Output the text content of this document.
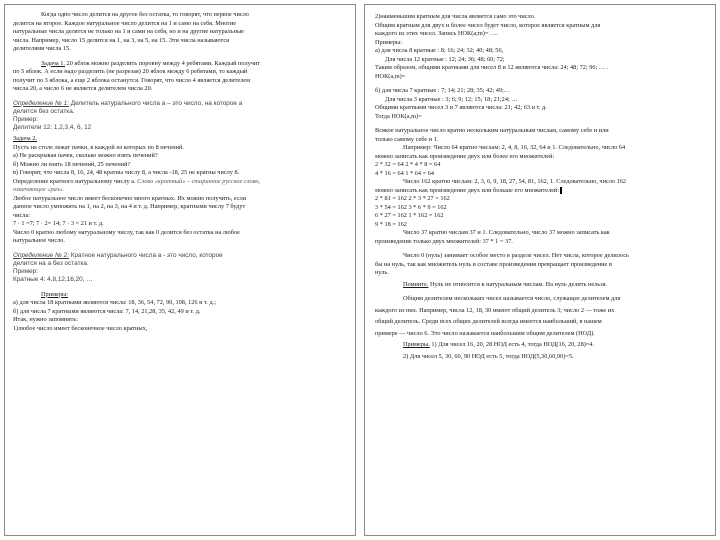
Когда одно число делится на другое без остатка, то говорят, что первое число
делится на второе. Каждое натуральное число делится на 1 и само на себя. Многие
натуральные числа делятся не только на 1 и сами на себя, но и на другие натуральные
числа. Например, число 15 делится на 1, на 3, на 5, на 15. Эти числа называются
делителями числа 15.
Задача 1. 20 яблок можно разделить поровну между 4 ребятами. Каждый получит
по 5 яблок. А если надо разделить (не разрезая) 20 яблок между 6 ребятами, то каждый
получит по 3 яблока, а еще 2 яблока останутся. Говорят, что число 4 является делителем
числа 20, а число 6 не является делителем числа 20.
Определение № 1: Делитель натурального числа a – это число, на которое a
делится без остатка.
Пример:
Делители 12: 1,2,3,4, 6, 12
Задача 2.
Пусть на столе лежат пачки, в каждой из которых по 8 печений.
а) Не раскрывая пачек, сколько можно взять печений?
б) Можно ли взять 18 печений, 25 печений?
в) Говорят, что числа 8, 16, 24, 48 кратны числу 8, а числа -18, 25 не кратны числу 8.
Определение кратного натуральному числу a. Слово «кратный» – старинное русское слово,
означающее «раз».
Любое натуральное число имеет бесконечно много кратных. Их можно получить, если
данное число умножить на 1, на 2, на 3, на 4 и т. д. Например, кратными числу 7 будут
числа:
7 · 1 =7; 7 · 2= 14; 7 · 3 = 21 и т. д.
Число 0 кратно любому натуральному числу, так как 0 делится без остатка на любое
натуральное число.
Определение № 2: Кратное натурального числа a - это число, которое
делится на a без остатка.
Пример:
Кратные 4: 4,8,12,16,20, …
Примеры:
а) для числа 18 кратными являются числа: 18, 36, 54, 72, 90, 108, 126 и т. д.;
б) для числа 7 кратными являются числа: 7, 14, 21,28, 35, 42, 49 и т. д.
Итак, нужно запомнить:
1)любое число имеет бесконечное число кратных,
2)наименьшим кратным для числа является само это число.
Общим кратным для двух и более чисел будет число, которое является кратным для
каждого из этих чисел. Запись НОК(a;m)= ….
Примеры:
а) для числа 8 кратные : 8; 16; 24; 32; 40; 48; 56,
Для числа 12 кратные : 12; 24; 36; 48; 60; 72;
Таким образом, общими кратными для чисел 8 и 12 являются числа: 24; 48; 72; 96; … .
НОК(a,m)=
б) для числа 7 кратные : 7; 14; 21; 28; 35; 42; 49;…
Для числа 3 кратные : 3; 6; 9; 12; 15; 18; 21;24; …
Общими кратными чисел 3 и 7 являются числа: 21; 42; 63 и т. д.
Тогда НОК(a,m)=
Всякое натуральное число кратно нескольким натуральным числам, самому себе и или
только самому себе и 1.
Например: Число 64 кратно числам: 2, 4, 8, 16, 32, 64 и 1. Следовательно, число 64
можно записать как произведение двух или более его множителей:
2 * 32 = 64 2 * 4 * 8 = 64
4 * 16 = 64 1 * 64 = 64
Число 162 кратно числам: 2, 3, 6, 9, 18, 27, 54, 81, 162, 1. Следовательно, число 162
можно записать как произведение двух или больше его множителей:
2 * 81 = 162 2 * 3 * 27 = 162
3 * 54 = 162 3 * 6 * 9 = 162
6 * 27 = 162 1 * 162 = 162
9 * 18 = 162
Число 37 кратно числам 37 и 1. Следовательно, число 37 можно записать как
произведение только двух множителей: 37 * 1 = 37.
Число 0 (нуль) занимает особое место в разделе чисел. Нет числа, которое делилось
бы на нуль, так как множитель нуль в составе произведения превращает произведение в
нуль.
Помните. Нуль не относится к натуральным числам. На нуль делить нельзя.
Общим делителем нескольких чисел называется число, служащее делителем для
каждого из них. Например, числа 12, 18, 30 имеют общий делитель 3; число 2 — тоже их
общий делитель. Среди всех общих делителей всегда имеется наибольший, в нашем
примере — число 6. Это число называется наибольшим общим делителем (НОД).
Примеры. 1) Для чисел 16, 20, 28 НОД есть 4, тогда НОД(16, 20, 28)=4.
2) Для чисел 5, 30, 60, 90 НОД есть 5, тогда НОД(5,30,60,90)=5.
